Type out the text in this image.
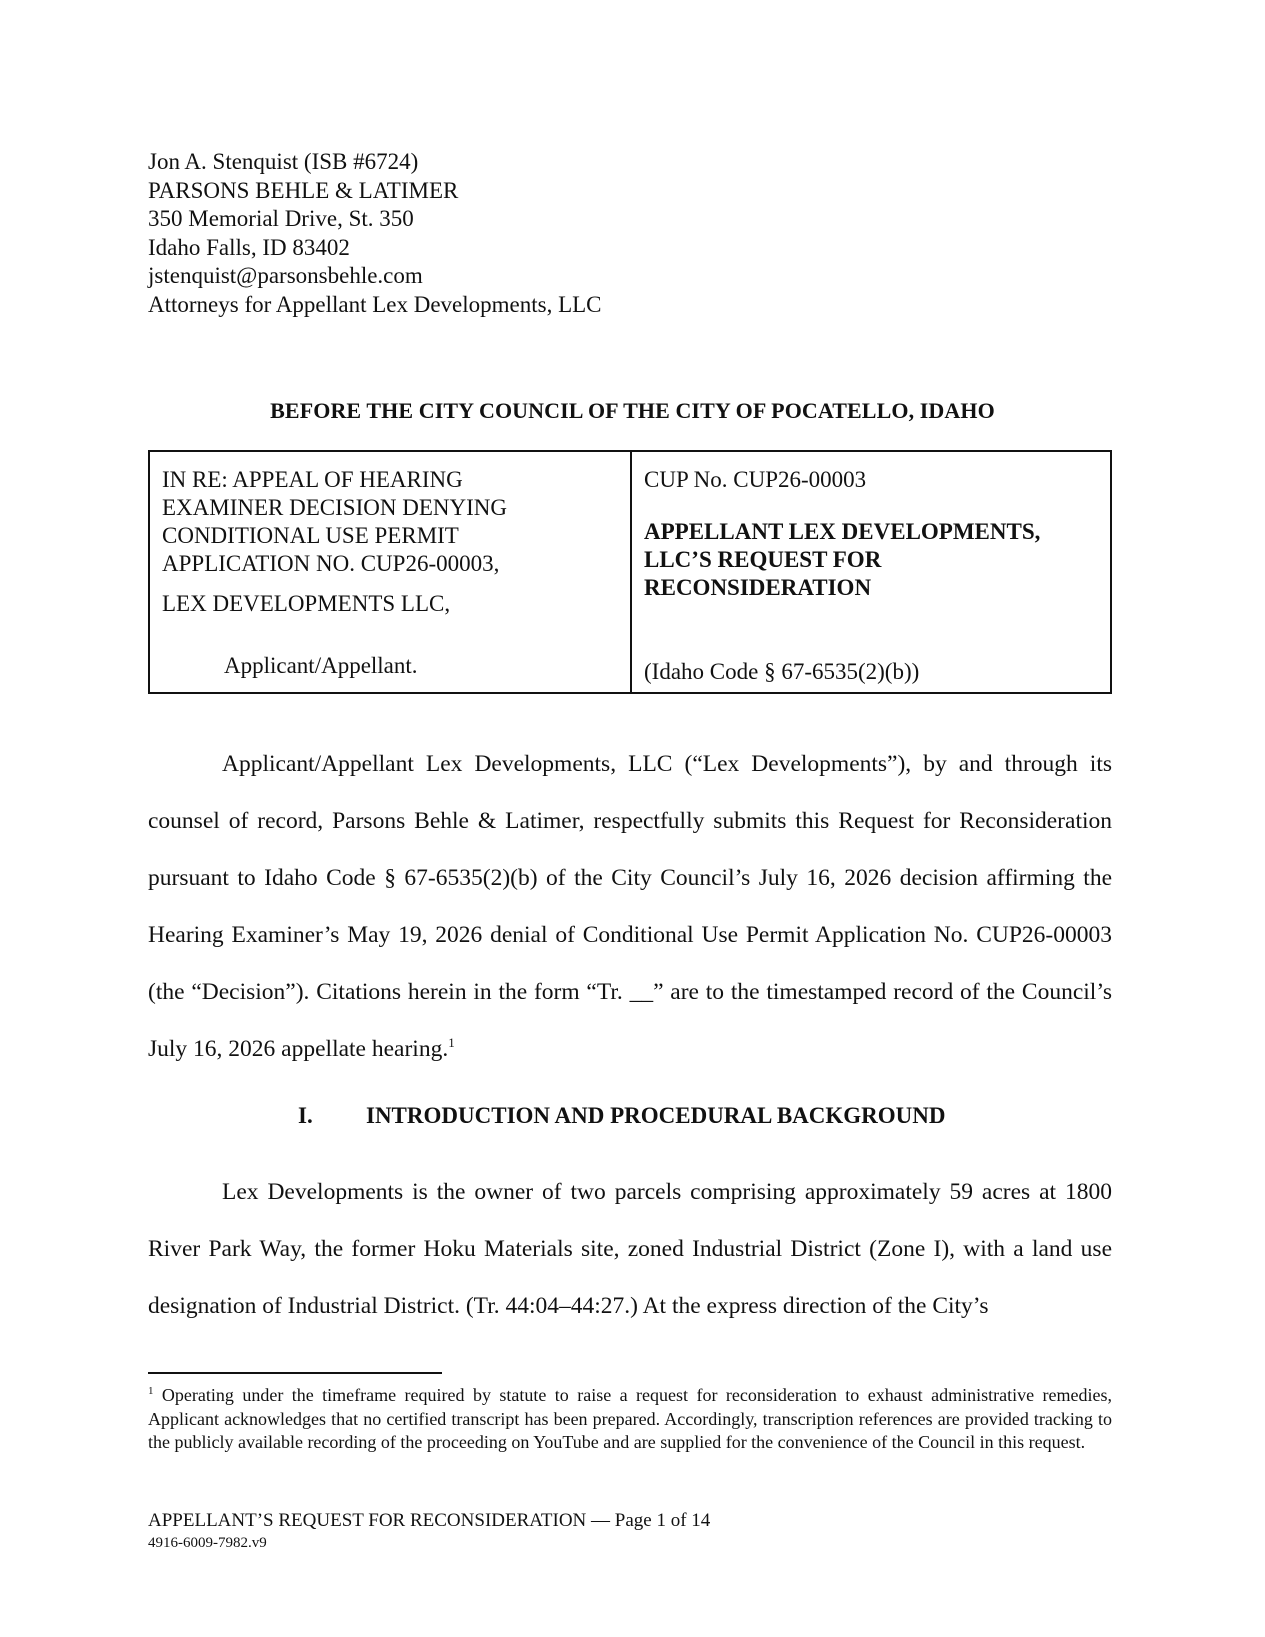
Jon A. Stenquist (ISB #6724)
PARSONS BEHLE & LATIMER
350 Memorial Drive, St. 350
Idaho Falls, ID 83402
jstenquist@parsonsbehle.com
Attorneys for Appellant Lex Developments, LLC
BEFORE THE CITY COUNCIL OF THE CITY OF POCATELLO, IDAHO
IN RE: APPEAL OF HEARING
EXAMINER DECISION DENYING
CONDITIONAL USE PERMIT
APPLICATION NO. CUP26-00003,
LEX DEVELOPMENTS LLC,
Applicant/Appellant.
CUP No. CUP26-00003
APPELLANT LEX DEVELOPMENTS,
LLC’S REQUEST FOR
RECONSIDERATION
(Idaho Code § 67-6535(2)(b))
Applicant/Appellant Lex Developments, LLC (“Lex Developments”), by and through its counsel of record, Parsons Behle & Latimer, respectfully submits this Request for Reconsideration pursuant to Idaho Code § 67-6535(2)(b) of the City Council’s July 16, 2026 decision affirming the Hearing Examiner’s May 19, 2026 denial of Conditional Use Permit Application No. CUP26-00003 (the “Decision”). Citations herein in the form “Tr. __” are to the timestamped record of the Council’s July 16, 2026 appellate hearing.$^1$
I. INTRODUCTION AND PROCEDURAL BACKGROUND
Lex Developments is the owner of two parcels comprising approximately 59 acres at 1800 River Park Way, the former Hoku Materials site, zoned Industrial District (Zone I), with a land use designation of Industrial District. (Tr. 44:04–44:27.) At the express direction of the City’s
$^1$ Operating under the timeframe required by statute to raise a request for reconsideration to exhaust administrative remedies, Applicant acknowledges that no certified transcript has been prepared. Accordingly, transcription references are provided tracking to the publicly available recording of the proceeding on YouTube and are supplied for the convenience of the Council in this request.
APPELLANT’S REQUEST FOR RECONSIDERATION — Page 1 of 14
4916-6009-7982.v9
